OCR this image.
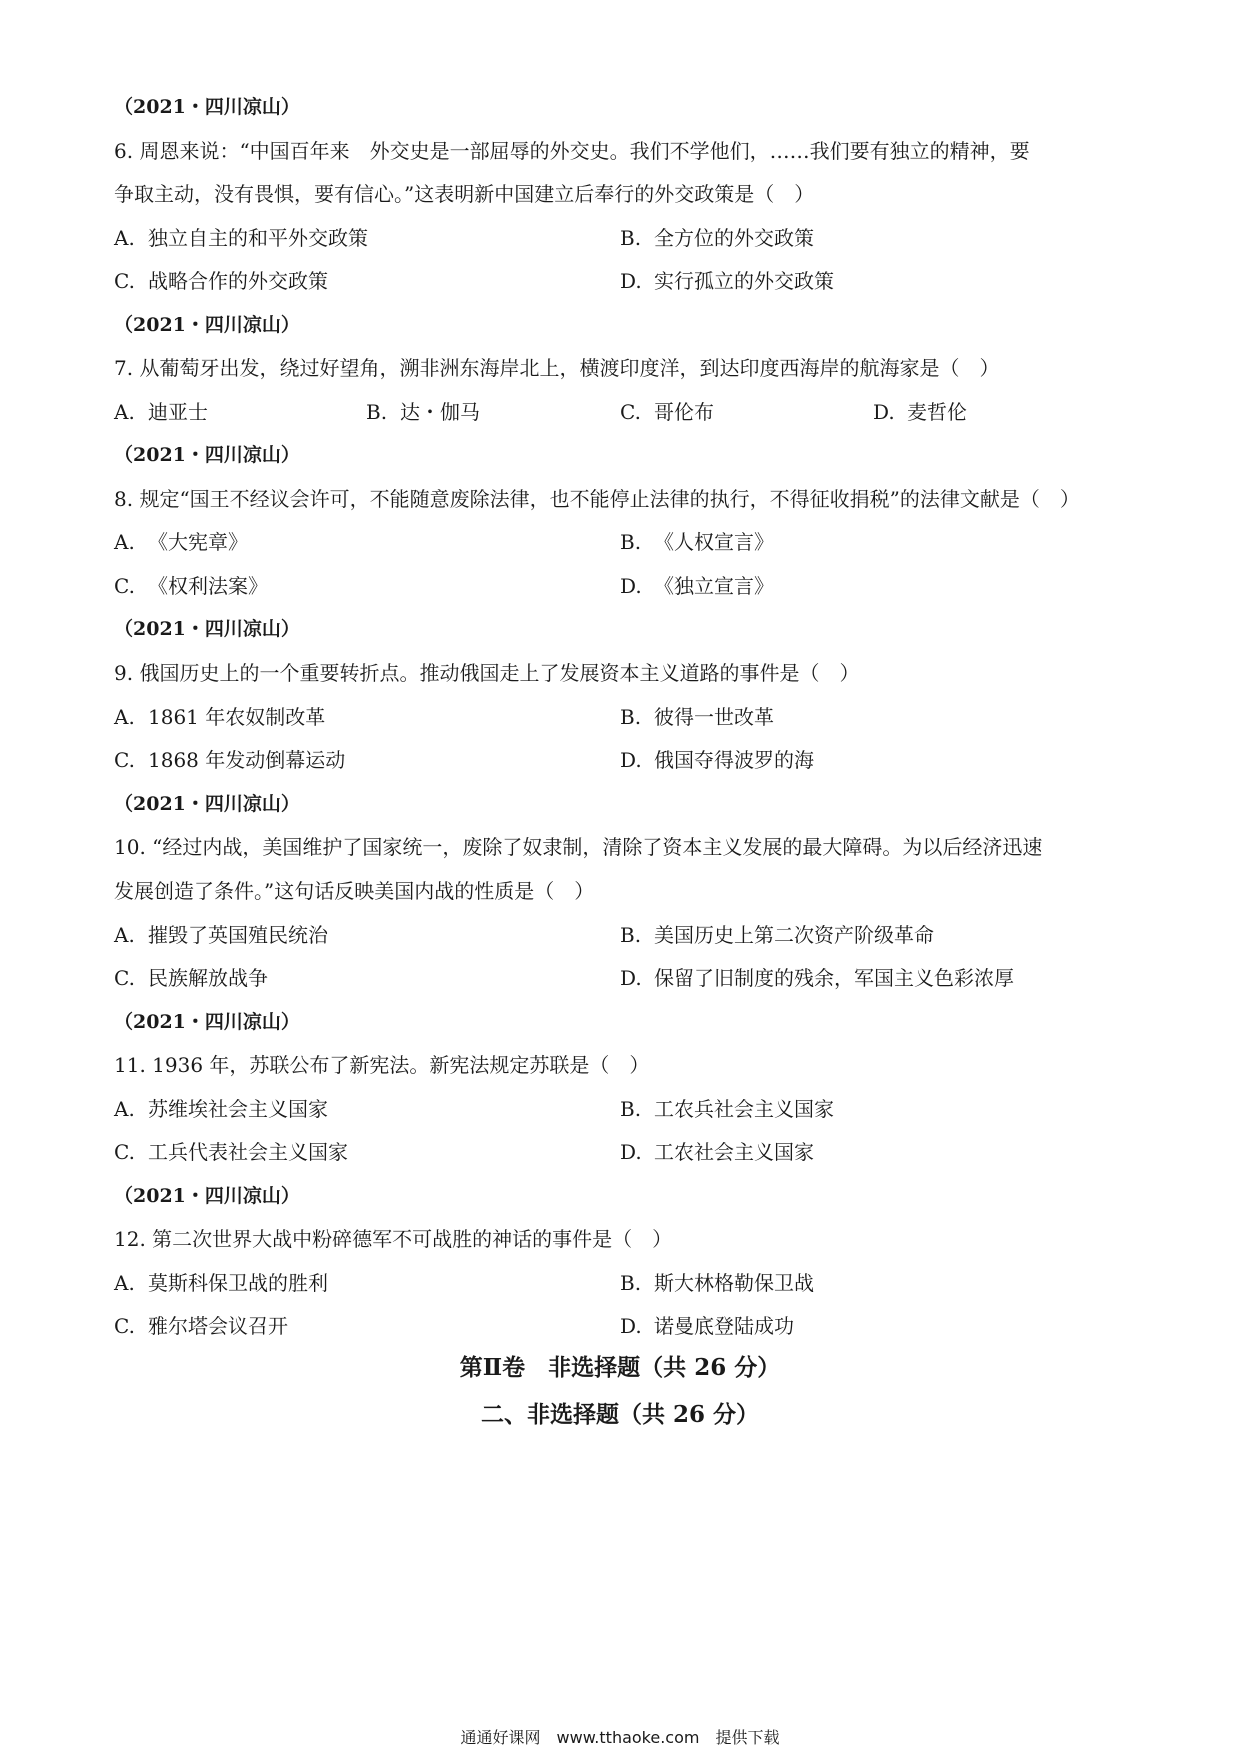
（2021・四川凉山）
6. 周恩来说：“中国百年来　外交史是一部屈辱的外交史。我们不学他们，……我们要有独立的精神，要
争取主动，没有畏惧，要有信心。”这表明新中国建立后奉行的外交政策是（　）
A. 独立自主的和平外交政策	B. 全方位的外交政策
C. 战略合作的外交政策	D. 实行孤立的外交政策
（2021・四川凉山）
7. 从葡萄牙出发，绕过好望角，溯非洲东海岸北上，横渡印度洋，到达印度西海岸的航海家是（　）
A. 迪亚士	B. 达・伽马	C. 哥伦布	D. 麦哲伦
（2021・四川凉山）
8. 规定“国王不经议会许可，不能随意废除法律，也不能停止法律的执行，不得征收捐税”的法律文献是（　）
A. 《大宪章》	B. 《人权宣言》
C. 《权利法案》	D. 《独立宣言》
（2021・四川凉山）
9. 俄国历史上的一个重要转折点。推动俄国走上了发展资本主义道路的事件是（　）
A. 1861 年农奴制改革	B. 彼得一世改革
C. 1868 年发动倒幕运动	D. 俄国夺得波罗的海
（2021・四川凉山）
10. “经过内战，美国维护了国家统一，废除了奴隶制，清除了资本主义发展的最大障碍。为以后经济迅速
发展创造了条件。”这句话反映美国内战的性质是（　）
A. 摧毁了英国殖民统治	B. 美国历史上第二次资产阶级革命
C. 民族解放战争	D. 保留了旧制度的残余，军国主义色彩浓厚
（2021・四川凉山）
11. 1936 年，苏联公布了新宪法。新宪法规定苏联是（　）
A. 苏维埃社会主义国家	B. 工农兵社会主义国家
C. 工兵代表社会主义国家	D. 工农社会主义国家
（2021・四川凉山）
12. 第二次世界大战中粉碎德军不可战胜的神话的事件是（　）
A. 莫斯科保卫战的胜利	B. 斯大林格勒保卫战
C. 雅尔塔会议召开	D. 诺曼底登陆成功
第Ⅱ卷　非选择题（共 26 分）
二、非选择题（共 26 分）
通通好课网　www.tthaoke.com　提供下载
